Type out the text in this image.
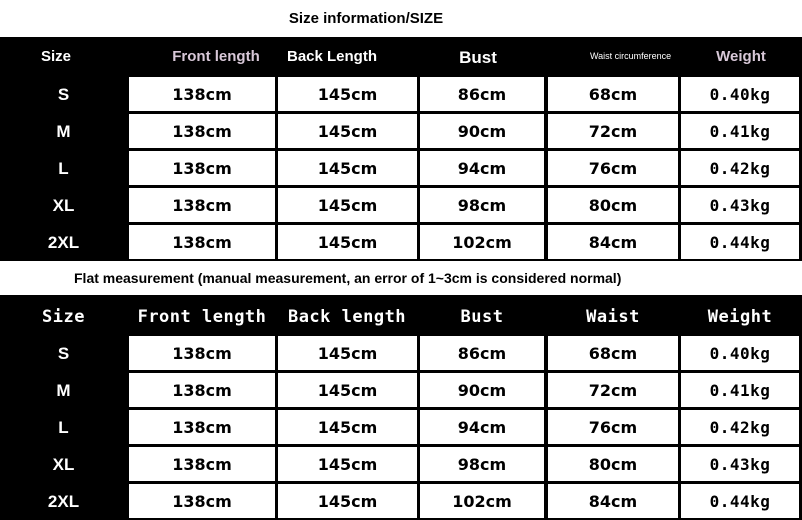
Size information/SIZE
Size	Front length	Back Length	Bust	Waist circumference	Weight
S	138cm	145cm	86cm	68cm	0.40kg
M	138cm	145cm	90cm	72cm	0.41kg
L	138cm	145cm	94cm	76cm	0.42kg
XL	138cm	145cm	98cm	80cm	0.43kg
2XL	138cm	145cm	102cm	84cm	0.44kg
Flat measurement (manual measurement, an error of 1~3cm is considered normal)
Size	Front length	Back length	Bust	Waist	Weight
S	138cm	145cm	86cm	68cm	0.40kg
M	138cm	145cm	90cm	72cm	0.41kg
L	138cm	145cm	94cm	76cm	0.42kg
XL	138cm	145cm	98cm	80cm	0.43kg
2XL	138cm	145cm	102cm	84cm	0.44kg
